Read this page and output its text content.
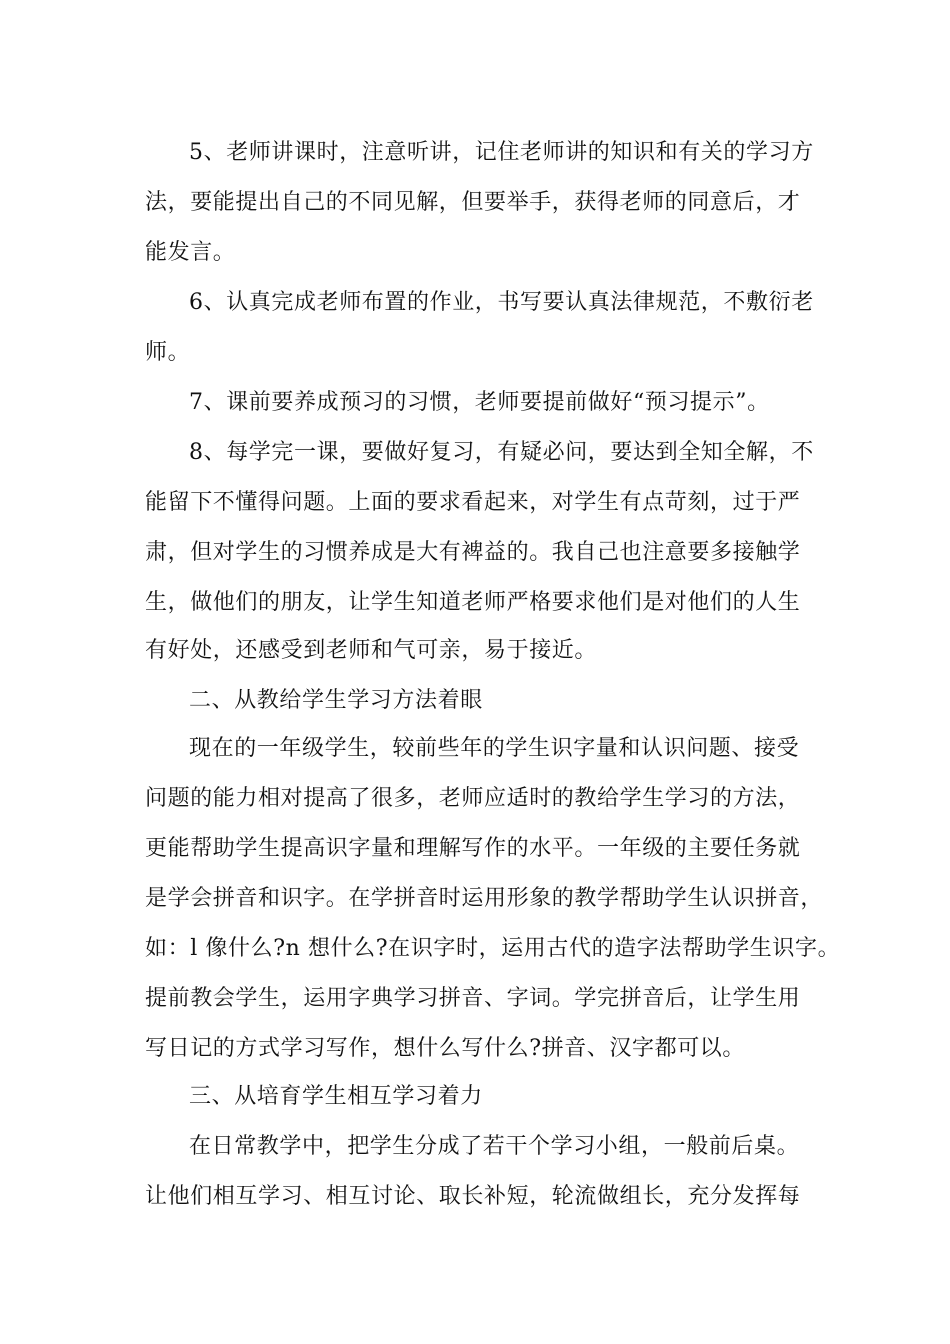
5、老师讲课时，注意听讲，记住老师讲的知识和有关的学习方

法，要能提出自己的不同见解，但要举手，获得老师的同意后，才

能发言。

6、认真完成老师布置的作业，书写要认真法律规范，不敷衍老

师。

7、课前要养成预习的习惯，老师要提前做好“预习提示”。

8、每学完一课，要做好复习，有疑必问，要达到全知全解，不

能留下不懂得问题。上面的要求看起来，对学生有点苛刻，过于严

肃，但对学生的习惯养成是大有裨益的。我自己也注意要多接触学

生，做他们的朋友，让学生知道老师严格要求他们是对他们的人生

有好处，还感受到老师和气可亲，易于接近。

二、从教给学生学习方法着眼

现在的一年级学生，较前些年的学生识字量和认识问题、接受

问题的能力相对提高了很多，老师应适时的教给学生学习的方法，

更能帮助学生提高识字量和理解写作的水平。一年级的主要任务就

是学会拼音和识字。在学拼音时运用形象的教学帮助学生认识拼音，

如：l 像什么?n 想什么?在识字时，运用古代的造字法帮助学生识字。

提前教会学生，运用字典学习拼音、字词。学完拼音后，让学生用

写日记的方式学习写作，想什么写什么?拼音、汉字都可以。

三、从培育学生相互学习着力

在日常教学中，把学生分成了若干个学习小组，一般前后桌。

让他们相互学习、相互讨论、取长补短，轮流做组长，充分发挥每
